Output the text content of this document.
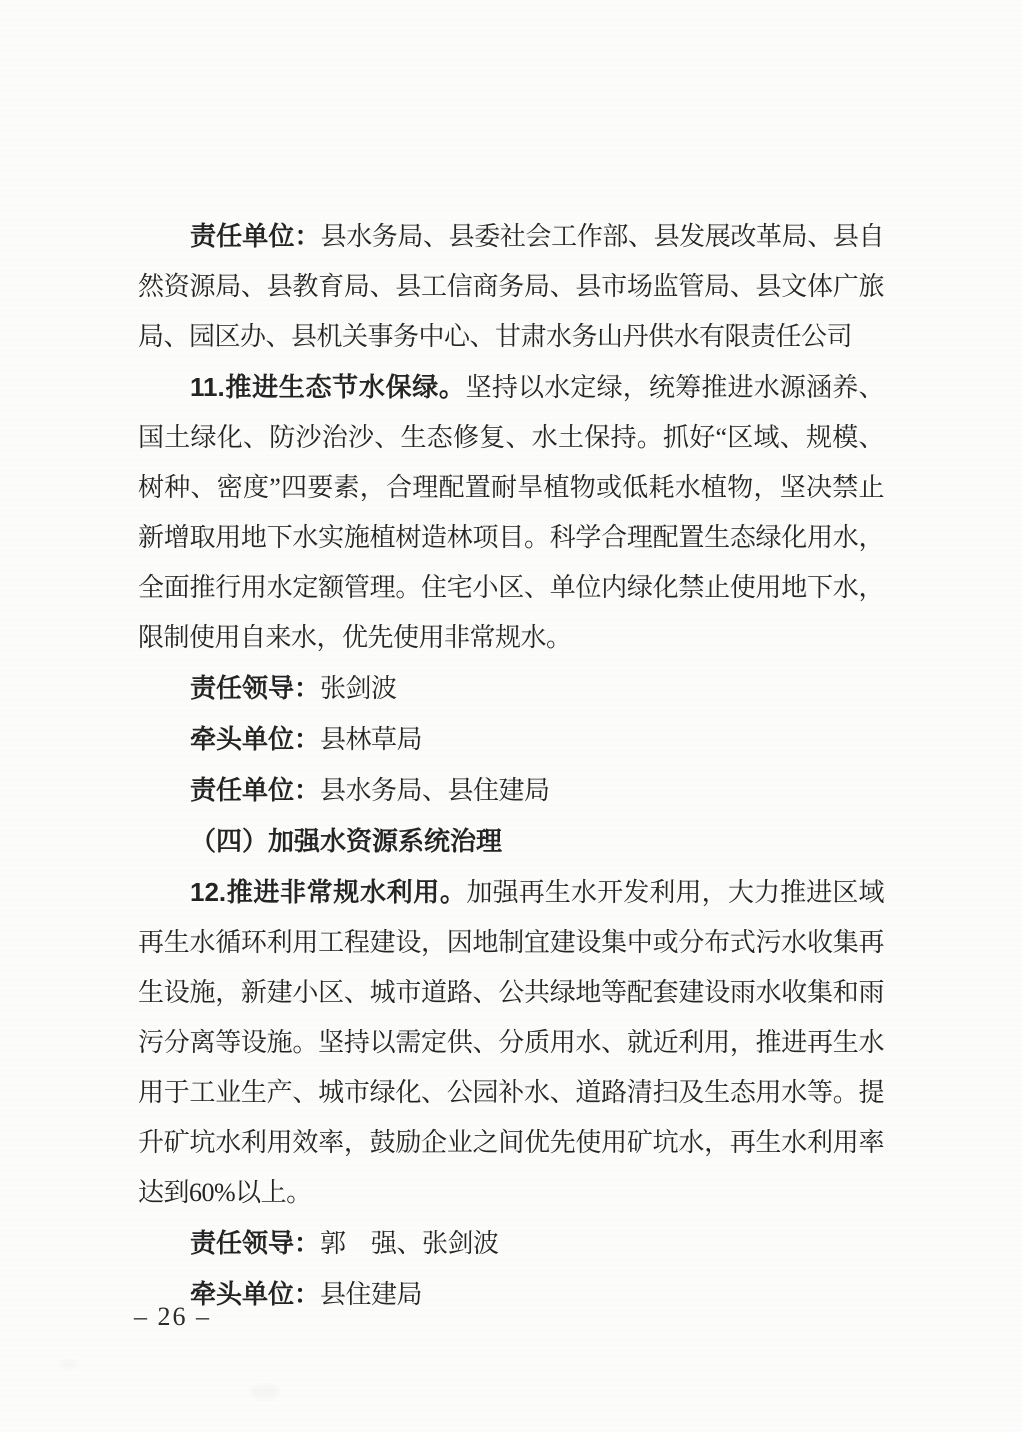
责任单位：县水务局、县委社会工作部、县发展改革局、县自然资源局、县教育局、县工信商务局、县市场监管局、县文体广旅局、园区办、县机关事务中心、甘肃水务山丹供水有限责任公司

11.推进生态节水保绿。坚持以水定绿，统筹推进水源涵养、国土绿化、防沙治沙、生态修复、水土保持。抓好“区域、规模、树种、密度”四要素，合理配置耐旱植物或低耗水植物，坚决禁止新增取用地下水实施植树造林项目。科学合理配置生态绿化用水，全面推行用水定额管理。住宅小区、单位内绿化禁止使用地下水，限制使用自来水，优先使用非常规水。

责任领导：张剑波

牵头单位：县林草局

责任单位：县水务局、县住建局

（四）加强水资源系统治理

12.推进非常规水利用。加强再生水开发利用，大力推进区域再生水循环利用工程建设，因地制宜建设集中或分布式污水收集再生设施，新建小区、城市道路、公共绿地等配套建设雨水收集和雨污分离等设施。坚持以需定供、分质用水、就近利用，推进再生水用于工业生产、城市绿化、公园补水、道路清扫及生态用水等。提升矿坑水利用效率，鼓励企业之间优先使用矿坑水，再生水利用率达到60%以上。

责任领导：郭　强、张剑波

牵头单位：县住建局

– 26 –
